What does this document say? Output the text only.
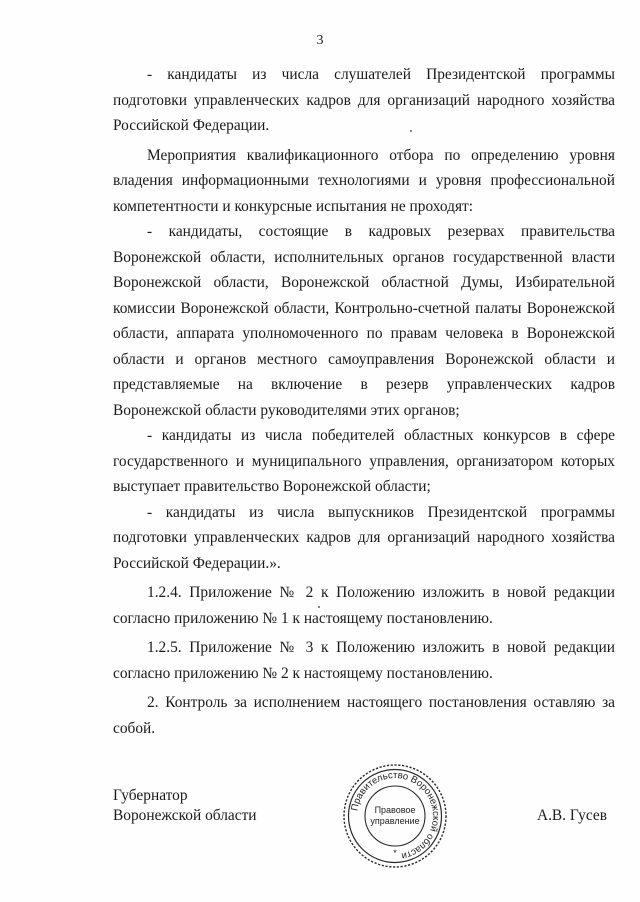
3

- кандидаты из числа слушателей Президентской программы подготовки управленческих кадров для организаций народного хозяйства Российской Федерации.

Мероприятия квалификационного отбора по определению уровня владения информационными технологиями и уровня профессиональной компетентности и конкурсные испытания не проходят:

- кандидаты, состоящие в кадровых резервах правительства Воронежской области, исполнительных органов государственной власти Воронежской области, Воронежской областной Думы, Избирательной комиссии Воронежской области, Контрольно-счетной палаты Воронежской области, аппарата уполномоченного по правам человека в Воронежской области и органов местного самоуправления Воронежской области и представляемые на включение в резерв управленческих кадров Воронежской области руководителями этих органов;

- кандидаты из числа победителей областных конкурсов в сфере государственного и муниципального управления, организатором которых выступает правительство Воронежской области;

- кандидаты из числа выпускников Президентской программы подготовки управленческих кадров для организаций народного хозяйства Российской Федерации.».

1.2.4. Приложение № 2 к Положению изложить в новой редакции согласно приложению № 1 к настоящему постановлению.

1.2.5. Приложение № 3 к Положению изложить в новой редакции согласно приложению № 2 к настоящему постановлению.

2. Контроль за исполнением настоящего постановления оставляю за собой.

Губернатор
Воронежской области	А.В. Гусев
Правительство Воронежской области
Правовое
управление
*
